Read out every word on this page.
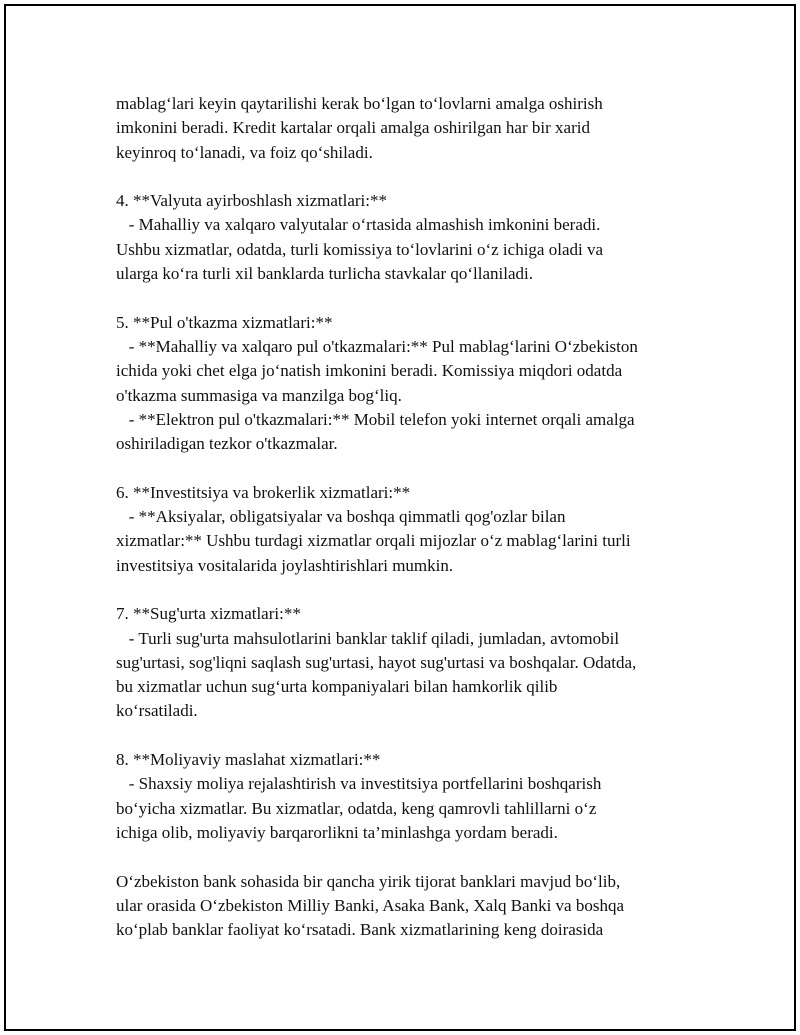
mablag‘lari keyin qaytarilishi kerak bo‘lgan to‘lovlarni amalga oshirish
imkonini beradi. Kredit kartalar orqali amalga oshirilgan har bir xarid
keyinroq to‘lanadi, va foiz qo‘shiladi.

4. **Valyuta ayirboshlash xizmatlari:**
- Mahalliy va xalqaro valyutalar o‘rtasida almashish imkonini beradi.
Ushbu xizmatlar, odatda, turli komissiya to‘lovlarini o‘z ichiga oladi va
ularga ko‘ra turli xil banklarda turlicha stavkalar qo‘llaniladi.

5. **Pul o'tkazma xizmatlari:**
- **Mahalliy va xalqaro pul o'tkazmalari:** Pul mablag‘larini O‘zbekiston
ichida yoki chet elga jo‘natish imkonini beradi. Komissiya miqdori odatda
o'tkazma summasiga va manzilga bog‘liq.
- **Elektron pul o'tkazmalari:** Mobil telefon yoki internet orqali amalga
oshiriladigan tezkor o'tkazmalar.

6. **Investitsiya va brokerlik xizmatlari:**
- **Aksiyalar, obligatsiyalar va boshqa qimmatli qog'ozlar bilan
xizmatlar:** Ushbu turdagi xizmatlar orqali mijozlar o‘z mablag‘larini turli
investitsiya vositalarida joylashtirishlari mumkin.

7. **Sug'urta xizmatlari:**
- Turli sug'urta mahsulotlarini banklar taklif qiladi, jumladan, avtomobil
sug'urtasi, sog'liqni saqlash sug'urtasi, hayot sug'urtasi va boshqalar. Odatda,
bu xizmatlar uchun sug‘urta kompaniyalari bilan hamkorlik qilib
ko‘rsatiladi.

8. **Moliyaviy maslahat xizmatlari:**
- Shaxsiy moliya rejalashtirish va investitsiya portfellarini boshqarish
bo‘yicha xizmatlar. Bu xizmatlar, odatda, keng qamrovli tahlillarni o‘z
ichiga olib, moliyaviy barqarorlikni ta’minlashga yordam beradi.

O‘zbekiston bank sohasida bir qancha yirik tijorat banklari mavjud bo‘lib,
ular orasida O‘zbekiston Milliy Banki, Asaka Bank, Xalq Banki va boshqa
ko‘plab banklar faoliyat ko‘rsatadi. Bank xizmatlarining keng doirasida
